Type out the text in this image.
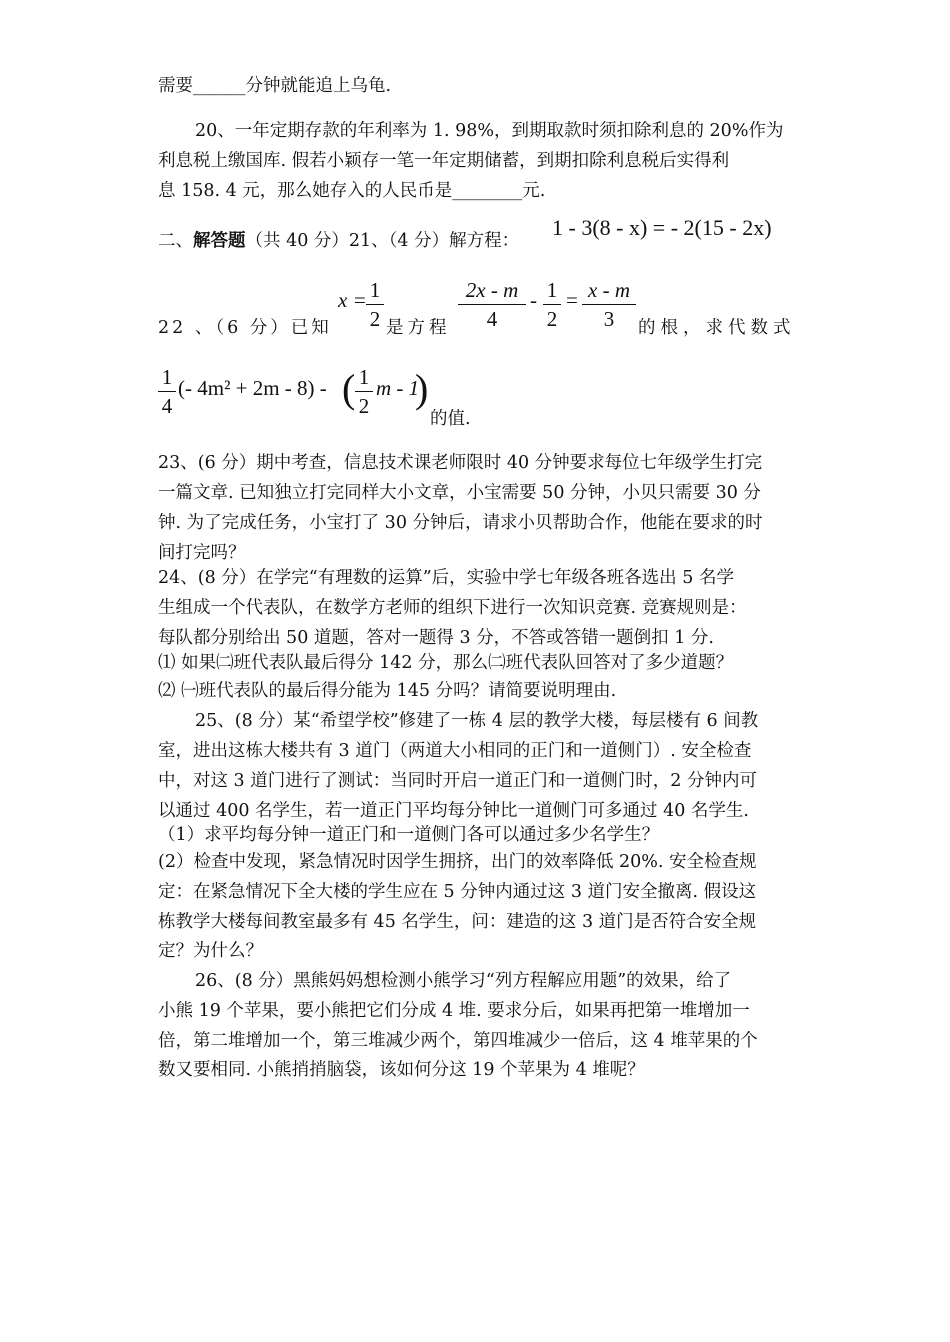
需要______分钟就能追上乌龟.
20、一年定期存款的年利率为 1. 98%，到期取款时须扣除利息的 20%作为
利息税上缴国库. 假若小颖存一笔一年定期储蓄，到期扣除利息税后实得利
息 158. 4 元，那么她存入的人民币是________元.
二、解答题（共 40 分）21、（4 分）解方程：
1 - 3(8 - x) = - 2(15 - 2x)
22 、（6 分）已知
x = 1
2 是方程
2x - m
4
- 1
2
= x - m
3	的根，求代数式
1
4
(- 4m² + 2m - 8) - ( 1
2
m - 1
)
的值.
23、(6 分）期中考查，信息技术课老师限时 40 分钟要求每位七年级学生打完
一篇文章. 已知独立打完同样大小文章，小宝需要 50 分钟，小贝只需要 30 分
钟. 为了完成任务，小宝打了 30 分钟后，请求小贝帮助合作，他能在要求的时
间打完吗？
24、(8 分）在学完“有理数的运算”后，实验中学七年级各班各选出 5 名学
生组成一个代表队，在数学方老师的组织下进行一次知识竞赛. 竞赛规则是：
每队都分别给出 50 道题，答对一题得 3 分，不答或答错一题倒扣 1 分.
⑴ 如果㈡班代表队最后得分 142 分，那么㈡班代表队回答对了多少道题？
⑵ ㈠班代表队的最后得分能为 145 分吗？请简要说明理由.
25、(8 分）某“希望学校”修建了一栋 4 层的教学大楼，每层楼有 6 间教
室，进出这栋大楼共有 3 道门（两道大小相同的正门和一道侧门）. 安全检查
中，对这 3 道门进行了测试：当同时开启一道正门和一道侧门时，2 分钟内可
以通过 400 名学生，若一道正门平均每分钟比一道侧门可多通过 40 名学生.
（1）求平均每分钟一道正门和一道侧门各可以通过多少名学生？
(2）检查中发现，紧急情况时因学生拥挤，出门的效率降低 20%. 安全检查规
定：在紧急情况下全大楼的学生应在 5 分钟内通过这 3 道门安全撤离. 假设这
栋教学大楼每间教室最多有 45 名学生，问：建造的这 3 道门是否符合安全规
定？为什么？
26、(8 分）黑熊妈妈想检测小熊学习“列方程解应用题”的效果，给了
小熊 19 个苹果，要小熊把它们分成 4 堆. 要求分后，如果再把第一堆增加一
倍，第二堆增加一个，第三堆减少两个，第四堆减少一倍后，这 4 堆苹果的个
数又要相同. 小熊捎捎脑袋，该如何分这 19 个苹果为 4 堆呢？
